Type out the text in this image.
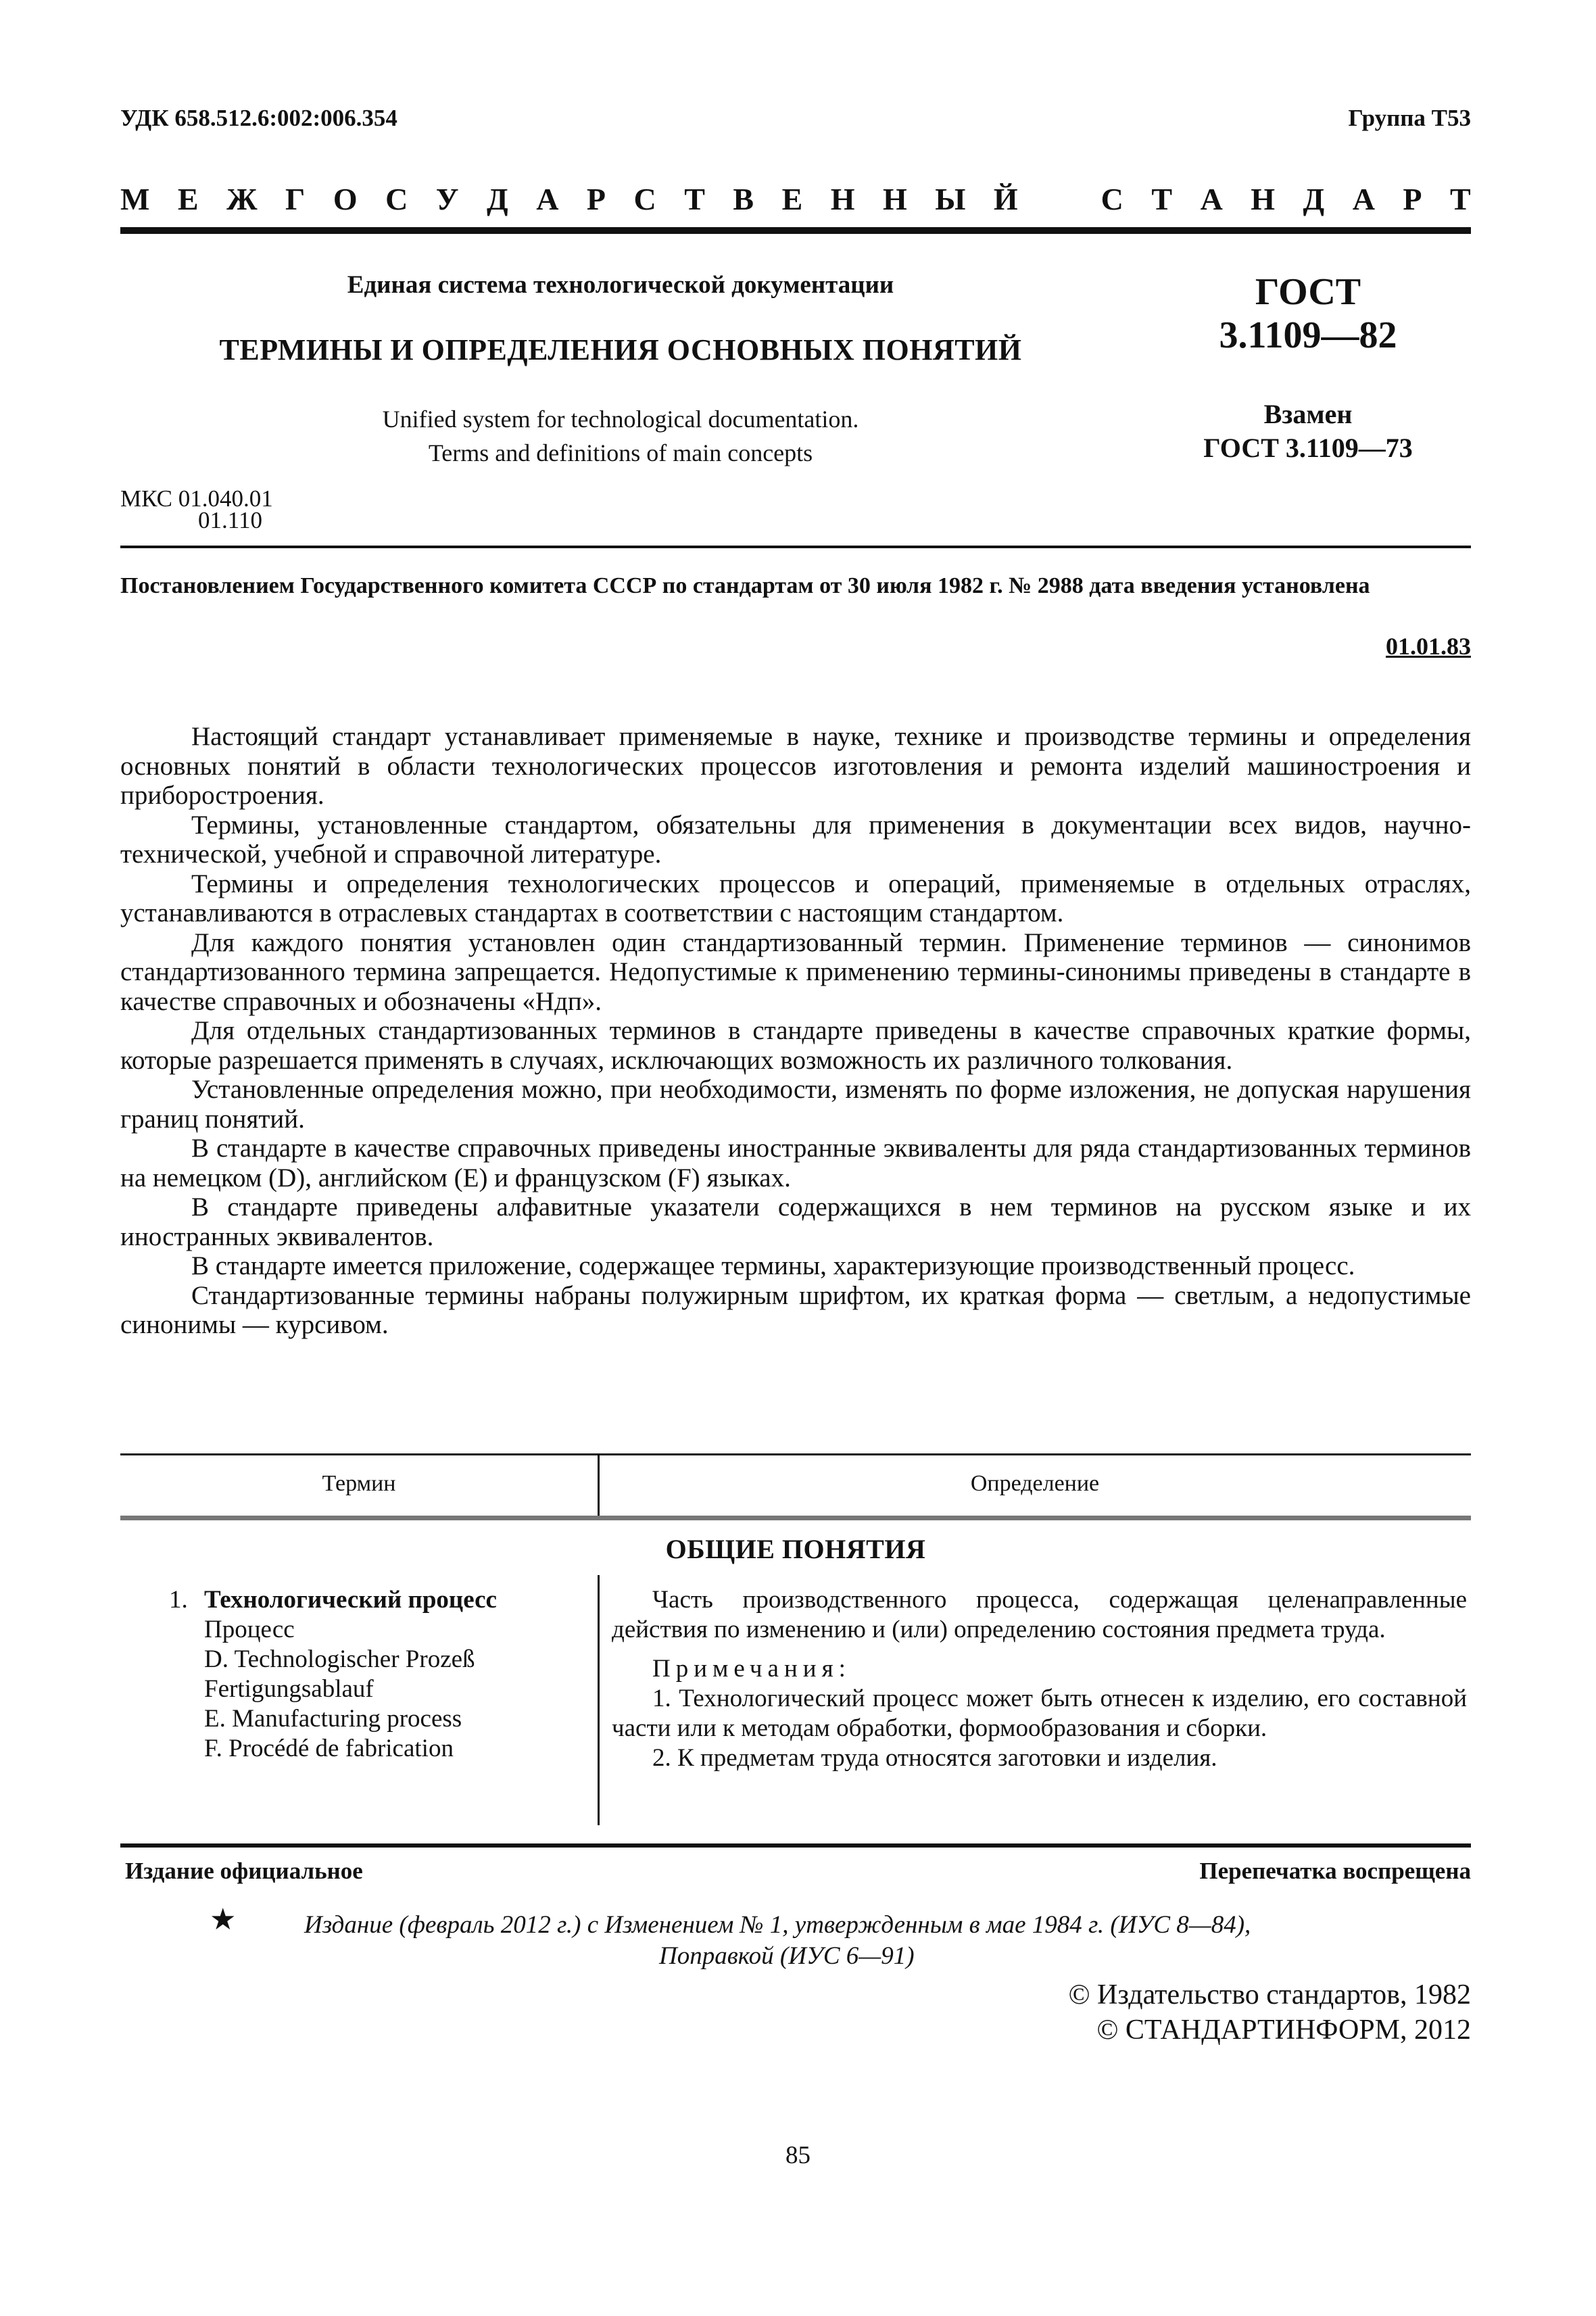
УДК 658.512.6:002:006.354	Группа Т53
М Е Ж Г О С У Д А Р С Т В Е Н Н Ы Й	С Т А Н Д А Р Т
Единая система технологической документации
ТЕРМИНЫ И ОПРЕДЕЛЕНИЯ ОСНОВНЫХ ПОНЯТИЙ
Unified system for technological documentation.
Terms and definitions of main concepts
ГОСТ
3.1109—82
Взамен
ГОСТ 3.1109—73
МКС 01.040.01
01.110
Постановлением Государственного комитета СССР по стандартам от 30 июля 1982 г. № 2988 дата введения установлена
01.01.83

Настоящий стандарт устанавливает применяемые в науке, технике и производстве термины и определения основных понятий в области технологических процессов изготовления и ремонта изделий машиностроения и приборостроения.

Термины, установленные стандартом, обязательны для применения в документации всех видов, научно-технической, учебной и справочной литературе.

Термины и определения технологических процессов и операций, применяемые в отдельных отраслях, устанавливаются в отраслевых стандартах в соответствии с настоящим стандартом.

Для каждого понятия установлен один стандартизованный термин. Применение терминов — синонимов стандартизованного термина запрещается. Недопустимые к применению термины-синонимы приведены в стандарте в качестве справочных и обозначены «Ндп».

Для отдельных стандартизованных терминов в стандарте приведены в качестве справочных краткие формы, которые разрешается применять в случаях, исключающих возможность их различного толкования.

Установленные определения можно, при необходимости, изменять по форме изложения, не допуская нарушения границ понятий.

В стандарте в качестве справочных приведены иностранные эквиваленты для ряда стандартизованных терминов на немецком (D), английском (E) и французском (F) языках.

В стандарте приведены алфавитные указатели содержащихся в нем терминов на русском языке и их иностранных эквивалентов.

В стандарте имеется приложение, содержащее термины, характеризующие производственный процесс.

Стандартизованные термины набраны полужирным шрифтом, их краткая форма — светлым, а недопустимые синонимы — курсивом.

Термин	Определение
ОБЩИЕ ПОНЯТИЯ
1. Технологический процесс
Процесс
D. Technologischer Prozeß
Fertigungsablauf
E. Manufacturing process
F. Procédé de fabrication

Часть производственного процесса, содержащая целенаправленные действия по изменению и (или) определению состояния предмета труда.

Примечания:

1. Технологический процесс может быть отнесен к изделию, его составной части или к методам обработки, формообразования и сборки.

2. К предметам труда относятся заготовки и изделия.

Издание официальное	Перепечатка воспрещена
★	Издание (февраль 2012 г.) с Изменением № 1, утвержденным в мае 1984 г. (ИУС 8—84),
Поправкой (ИУС 6—91)
© Издательство стандартов, 1982
© СТАНДАРТИНФОРМ, 2012
85
